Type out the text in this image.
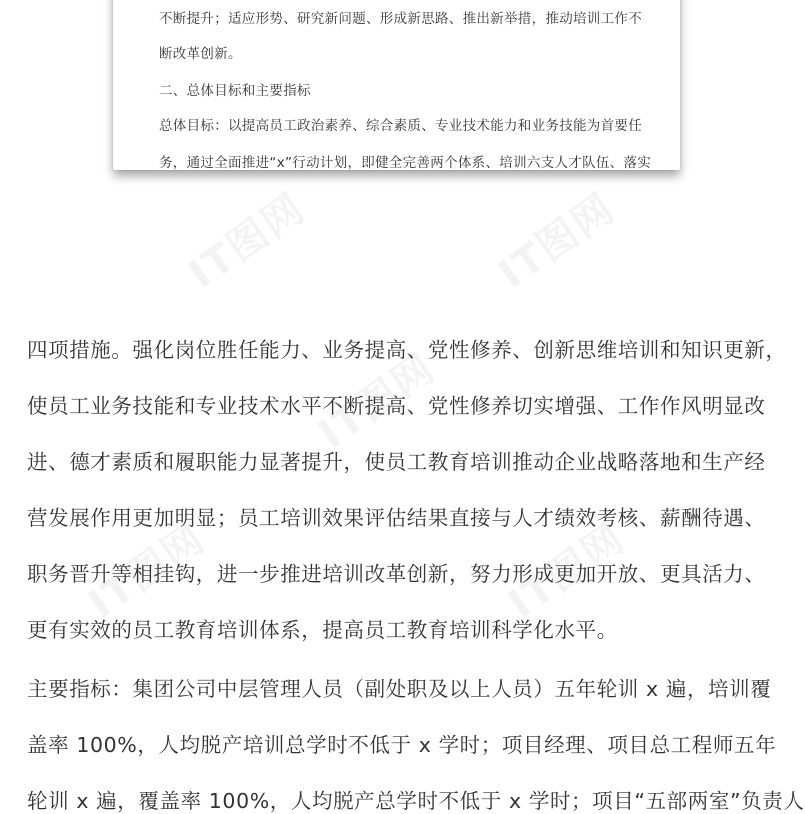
不断提升；适应形势、研究新问题、形成新思路、推出新举措，推动培训工作不
断改革创新。
二、总体目标和主要指标
总体目标：以提高员工政治素养、综合素质、专业技术能力和业务技能为首要任
务，通过全面推进“x”行动计划，即健全完善两个体系、培训六支人才队伍、落实
IT图网	IT图网
IT图网
IT图网	IT图网
四项措施。强化岗位胜任能力、业务提高、党性修养、创新思维培训和知识更新，
使员工业务技能和专业技术水平不断提高、党性修养切实增强、工作作风明显改
进、德才素质和履职能力显著提升，使员工教育培训推动企业战略落地和生产经
营发展作用更加明显；员工培训效果评估结果直接与人才绩效考核、薪酬待遇、
职务晋升等相挂钩，进一步推进培训改革创新，努力形成更加开放、更具活力、
更有实效的员工教育培训体系，提高员工教育培训科学化水平。
主要指标：集团公司中层管理人员（副处职及以上人员）五年轮训 x 遍，培训覆
盖率 100%，人均脱产培训总学时不低于 x 学时；项目经理、项目总工程师五年
轮训 x 遍，覆盖率 100%，人均脱产总学时不低于 x 学时；项目“五部两室”负责人
